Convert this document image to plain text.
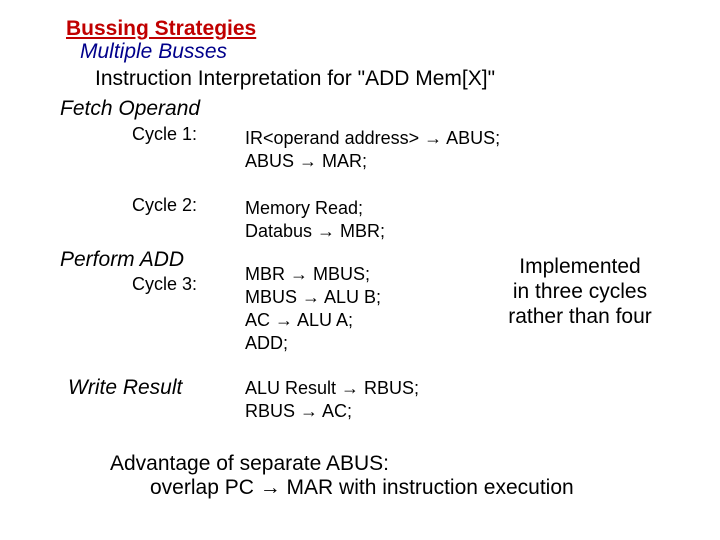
Bussing Strategies
Multiple Busses
Instruction Interpretation for "ADD Mem[X]"
Fetch Operand
Cycle 1:	IR<operand address> → ABUS;
ABUS → MAR;
Cycle 2:	Memory Read;
Databus → MBR;
Perform ADD
Cycle 3:	MBR → MBUS;
MBUS → ALU B;
AC → ALU A;
ADD;
Implemented
in three cycles
rather than four
Write Result	ALU Result → RBUS;
RBUS → AC;
Advantage of separate ABUS:
overlap PC → MAR with instruction execution
